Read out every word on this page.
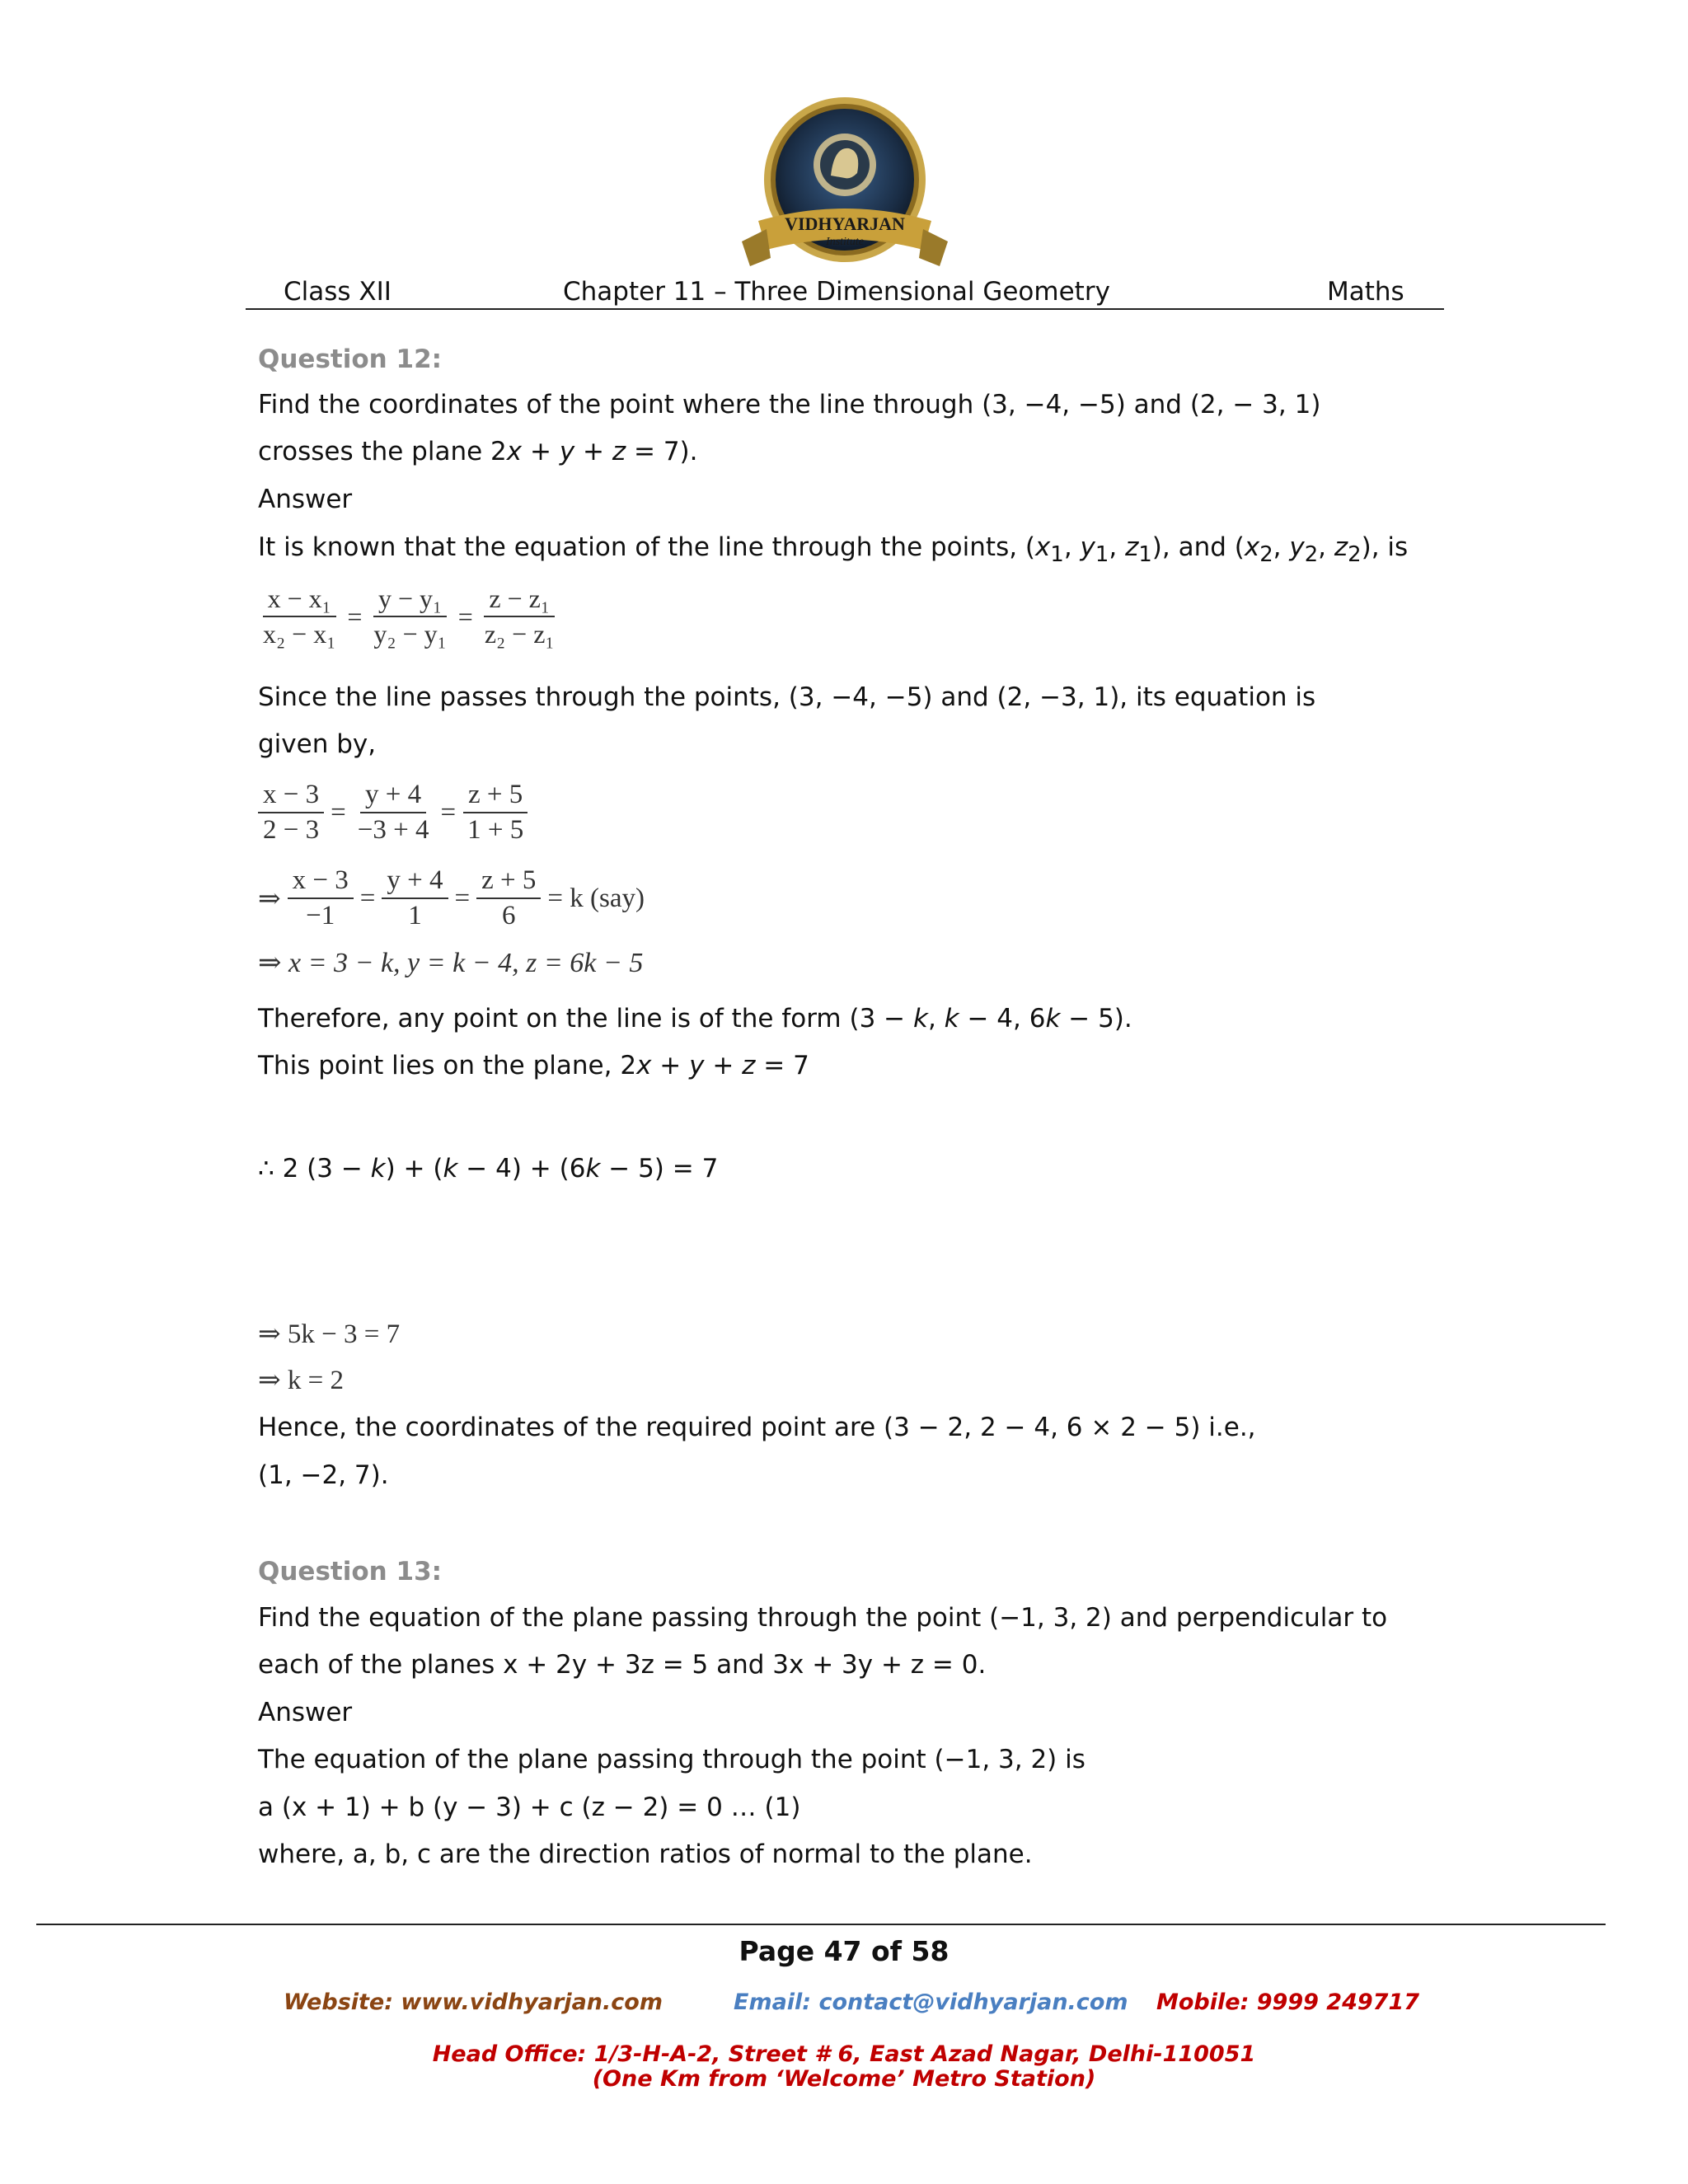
VIDHYARJAN
Institute
Class XII	Chapter 11 – Three Dimensional Geometry	Maths
Question 12:
Find the coordinates of the point where the line through (3, −4, −5) and (2, − 3, 1)
crosses the plane 2x + y + z = 7).
Answer
It is known that the equation of the line through the points, ($x_1$, $y_1$, $z_1$), and ($x_2$, $y_2$, $z_2$), is
$\frac{\text{x − x₁}}{\text{x₂ − x₁}} = \frac{\text{y − y₁}}{\text{y₂ − y₁}} = \frac{\text{z − z₁}}{\text{z₂ − z₁}}$
Since the line passes through the points, (3, −4, −5) and (2, −3, 1), its equation is
given by,
$\frac{x - 3}{2 - 3} = \frac{y + 4}{-3 + 4} = \frac{z + 5}{1 + 5}$
⇒ $\frac{x - 3}{-1} = \frac{y + 4}{1} = \frac{z + 5}{6} = k$ (say)
⇒ x = 3 − k, y = k − 4, z = 6k − 5
Therefore, any point on the line is of the form (3 − k, k − 4, 6k − 5).
This point lies on the plane, 2x + y + z = 7
∴ 2 (3 − k) + (k − 4) + (6k − 5) = 7
⇒ 5k − 3 = 7
⇒ k = 2
Hence, the coordinates of the required point are (3 − 2, 2 − 4, 6 × 2 − 5) i.e.,
(1, −2, 7).
Question 13:
Find the equation of the plane passing through the point (−1, 3, 2) and perpendicular to
each of the planes x + 2y + 3z = 5 and 3x + 3y + z = 0.
Answer
The equation of the plane passing through the point (−1, 3, 2) is
a (x + 1) + b (y − 3) + c (z − 2) = 0 … (1)
where, a, b, c are the direction ratios of normal to the plane.
Page 47 of 58
Website: www.vidhyarjan.com	Email: contact@vidhyarjan.com Mobile: 9999 249717
Head Office: 1/3-H-A-2, Street # 6, East Azad Nagar, Delhi-110051
(One Km from ‘Welcome’ Metro Station)
